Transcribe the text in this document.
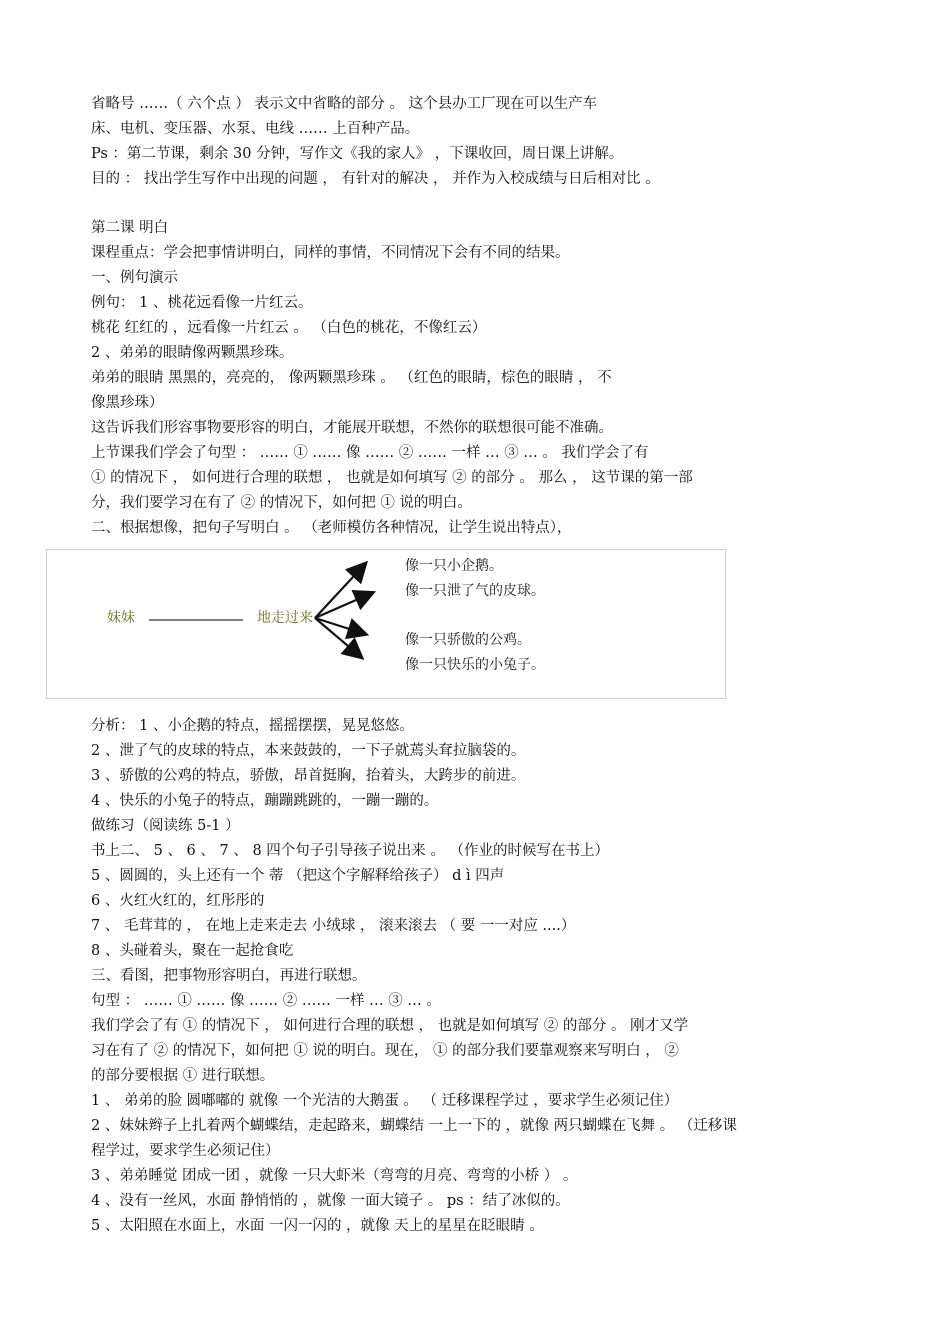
省略号 ……（ 六个点 ） 表示文中省略的部分 。 这个县办工厂现在可以生产车
床、电机、变压器、水泵、电线 …… 上百种产品。
Ps ：第二节课，剩余 30 分钟，写作文《我的家人》 ，下课收回，周日课上讲解。
目的 ： 找出学生写作中出现的问题 ， 有针对的解决 ， 并作为入校成绩与日后相对比 。
第二课 明白
课程重点：学会把事情讲明白，同样的事情，不同情况下会有不同的结果。
一、例句演示
例句： 1 、桃花远看像一片红云。
桃花 红红的 ，远看像一片红云 。 （白色的桃花，不像红云）
2 、弟弟的眼睛像两颗黑珍珠。
弟弟的眼睛 黑黑的，亮亮的， 像两颗黑珍珠 。 （红色的眼睛，棕色的眼睛 ， 不
像黑珍珠）
这告诉我们形容事物要形容的明白，才能展开联想，不然你的联想很可能不准确。
上节课我们学会了句型 ： …… ① …… 像 …… ② …… 一样 … ③ … 。 我们学会了有
① 的情况下 ， 如何进行合理的联想 ， 也就是如何填写 ② 的部分 。 那么 ， 这节课的第一部
分，我们要学习在有了 ② 的情况下，如何把 ① 说的明白。
二、根据想像，把句子写明白 。 （老师模仿各种情况，让学生说出特点），
妹妹	地走过来
像一只小企鹅。
像一只泄了气的皮球。
像一只骄傲的公鸡。
像一只快乐的小兔子。
分析： 1 、小企鹅的特点，摇摇摆摆，晃晃悠悠。
2 、泄了气的皮球的特点，本来鼓鼓的，一下子就蔫头耷拉脑袋的。
3 、骄傲的公鸡的特点，骄傲，昂首挺胸，抬着头，大跨步的前进。
4 、快乐的小兔子的特点，蹦蹦跳跳的，一蹦一蹦的。
做练习（阅读练 5-1 ）
书上二、 5 、 6 、 7 、 8 四个句子引导孩子说出来 。 （作业的时候写在书上）
5 、圆圆的，头上还有一个 蒂 （把这个字解释给孩子） d ì 四声
6 、火红火红的，红彤彤的
7 、 毛茸茸的 ， 在地上走来走去 小绒球 ， 滚来滚去 （ 要 一一对应 ....）
8 、头碰着头，聚在一起抢食吃
三、看图，把事物形容明白，再进行联想。
句型 ： …… ① …… 像 …… ② …… 一样 … ③ … 。
我们学会了有 ① 的情况下 ， 如何进行合理的联想 ， 也就是如何填写 ② 的部分 。 刚才又学
习在有了 ② 的情况下，如何把 ① 说的明白。现在， ① 的部分我们要靠观察来写明白 ， ②
的部分要根据 ① 进行联想。
1 、 弟弟的脸 圆嘟嘟的 就像 一个光洁的大鹅蛋 。 （ 迁移课程学过 ，要求学生必须记住）
2 、妹妹辫子上扎着两个蝴蝶结，走起路来，蝴蝶结 一上一下的 ，就像 两只蝴蝶在飞舞 。 （迁移课
程学过，要求学生必须记住）
3 、弟弟睡觉 团成一团 ，就像 一只大虾米（弯弯的月亮、弯弯的小桥 ） 。
4 、没有一丝风，水面 静悄悄的 ，就像 一面大镜子 。 ps ：结了冰似的。
5 、太阳照在水面上，水面 一闪一闪的 ，就像 天上的星星在眨眼睛 。
